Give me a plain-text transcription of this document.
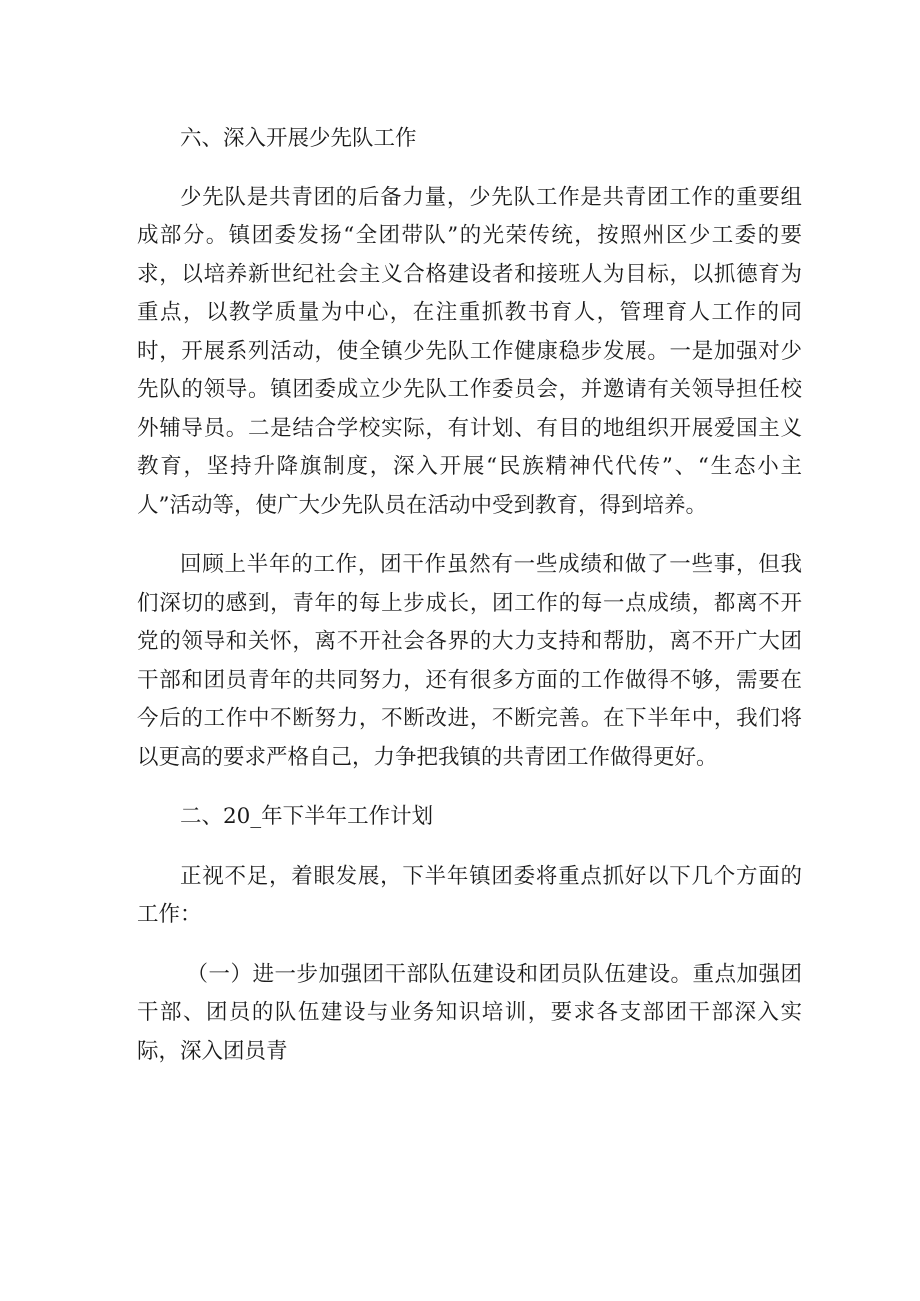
六、深入开展少先队工作

少先队是共青团的后备力量，少先队工作是共青团工作的重要组成部分。镇团委发扬“全团带队”的光荣传统，按照州区少工委的要求，以培养新世纪社会主义合格建设者和接班人为目标，以抓德育为重点，以教学质量为中心，在注重抓教书育人，管理育人工作的同时，开展系列活动，使全镇少先队工作健康稳步发展。一是加强对少先队的领导。镇团委成立少先队工作委员会，并邀请有关领导担任校外辅导员。二是结合学校实际，有计划、有目的地组织开展爱国主义教育，坚持升降旗制度，深入开展“民族精神代代传”、“生态小主人”活动等，使广大少先队员在活动中受到教育，得到培养。

回顾上半年的工作，团干作虽然有一些成绩和做了一些事，但我们深切的感到，青年的每上步成长，团工作的每一点成绩，都离不开党的领导和关怀，离不开社会各界的大力支持和帮肋，离不开广大团干部和团员青年的共同努力，还有很多方面的工作做得不够，需要在今后的工作中不断努力，不断改进，不断完善。在下半年中，我们将以更高的要求严格自己，力争把我镇的共青团工作做得更好。

二、20_年下半年工作计划

正视不足，着眼发展，下半年镇团委将重点抓好以下几个方面的工作：

（一）进一步加强团干部队伍建设和团员队伍建设。重点加强团干部、团员的队伍建设与业务知识培训，要求各支部团干部深入实际，深入团员青
